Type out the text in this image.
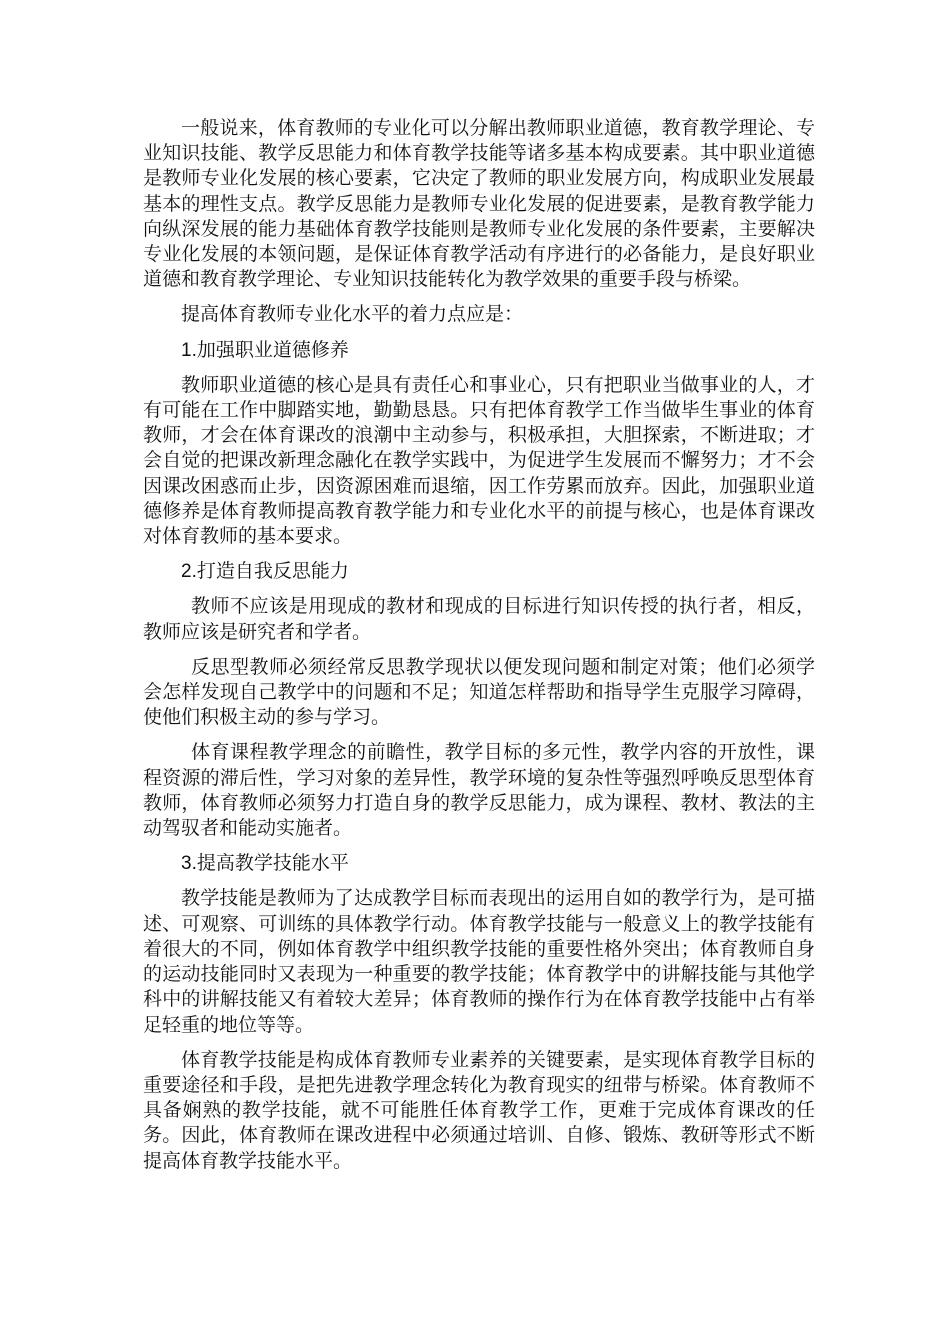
一般说来，体育教师的专业化可以分解出教师职业道德，教育教学理论、专业知识技能、教学反思能力和体育教学技能等诸多基本构成要素。其中职业道德是教师专业化发展的核心要素，它决定了教师的职业发展方向，构成职业发展最基本的理性支点。教学反思能力是教师专业化发展的促进要素，是教育教学能力向纵深发展的能力基础体育教学技能则是教师专业化发展的条件要素，主要解决专业化发展的本领问题，是保证体育教学活动有序进行的必备能力，是良好职业道德和教育教学理论、专业知识技能转化为教学效果的重要手段与桥梁。

提高体育教师专业化水平的着力点应是：

1.加强职业道德修养

教师职业道德的核心是具有责任心和事业心，只有把职业当做事业的人，才有可能在工作中脚踏实地，勤勤恳恳。只有把体育教学工作当做毕生事业的体育教师，才会在体育课改的浪潮中主动参与，积极承担，大胆探索，不断进取；才会自觉的把课改新理念融化在教学实践中，为促进学生发展而不懈努力；才不会因课改困惑而止步，因资源困难而退缩，因工作劳累而放弃。因此，加强职业道德修养是体育教师提高教育教学能力和专业化水平的前提与核心，也是体育课改对体育教师的基本要求。

2.打造自我反思能力

教师不应该是用现成的教材和现成的目标进行知识传授的执行者，相反，教师应该是研究者和学者。

反思型教师必须经常反思教学现状以便发现问题和制定对策；他们必须学会怎样发现自己教学中的问题和不足；知道怎样帮助和指导学生克服学习障碍，使他们积极主动的参与学习。

体育课程教学理念的前瞻性，教学目标的多元性，教学内容的开放性，课程资源的滞后性，学习对象的差异性，教学环境的复杂性等强烈呼唤反思型体育教师，体育教师必须努力打造自身的教学反思能力，成为课程、教材、教法的主动驾驭者和能动实施者。

3.提高教学技能水平

教学技能是教师为了达成教学目标而表现出的运用自如的教学行为，是可描述、可观察、可训练的具体教学行动。体育教学技能与一般意义上的教学技能有着很大的不同，例如体育教学中组织教学技能的重要性格外突出；体育教师自身的运动技能同时又表现为一种重要的教学技能；体育教学中的讲解技能与其他学科中的讲解技能又有着较大差异；体育教师的操作行为在体育教学技能中占有举足轻重的地位等等。

体育教学技能是构成体育教师专业素养的关键要素，是实现体育教学目标的重要途径和手段，是把先进教学理念转化为教育现实的纽带与桥梁。体育教师不具备娴熟的教学技能，就不可能胜任体育教学工作，更难于完成体育课改的任务。因此，体育教师在课改进程中必须通过培训、自修、锻炼、教研等形式不断提高体育教学技能水平。
